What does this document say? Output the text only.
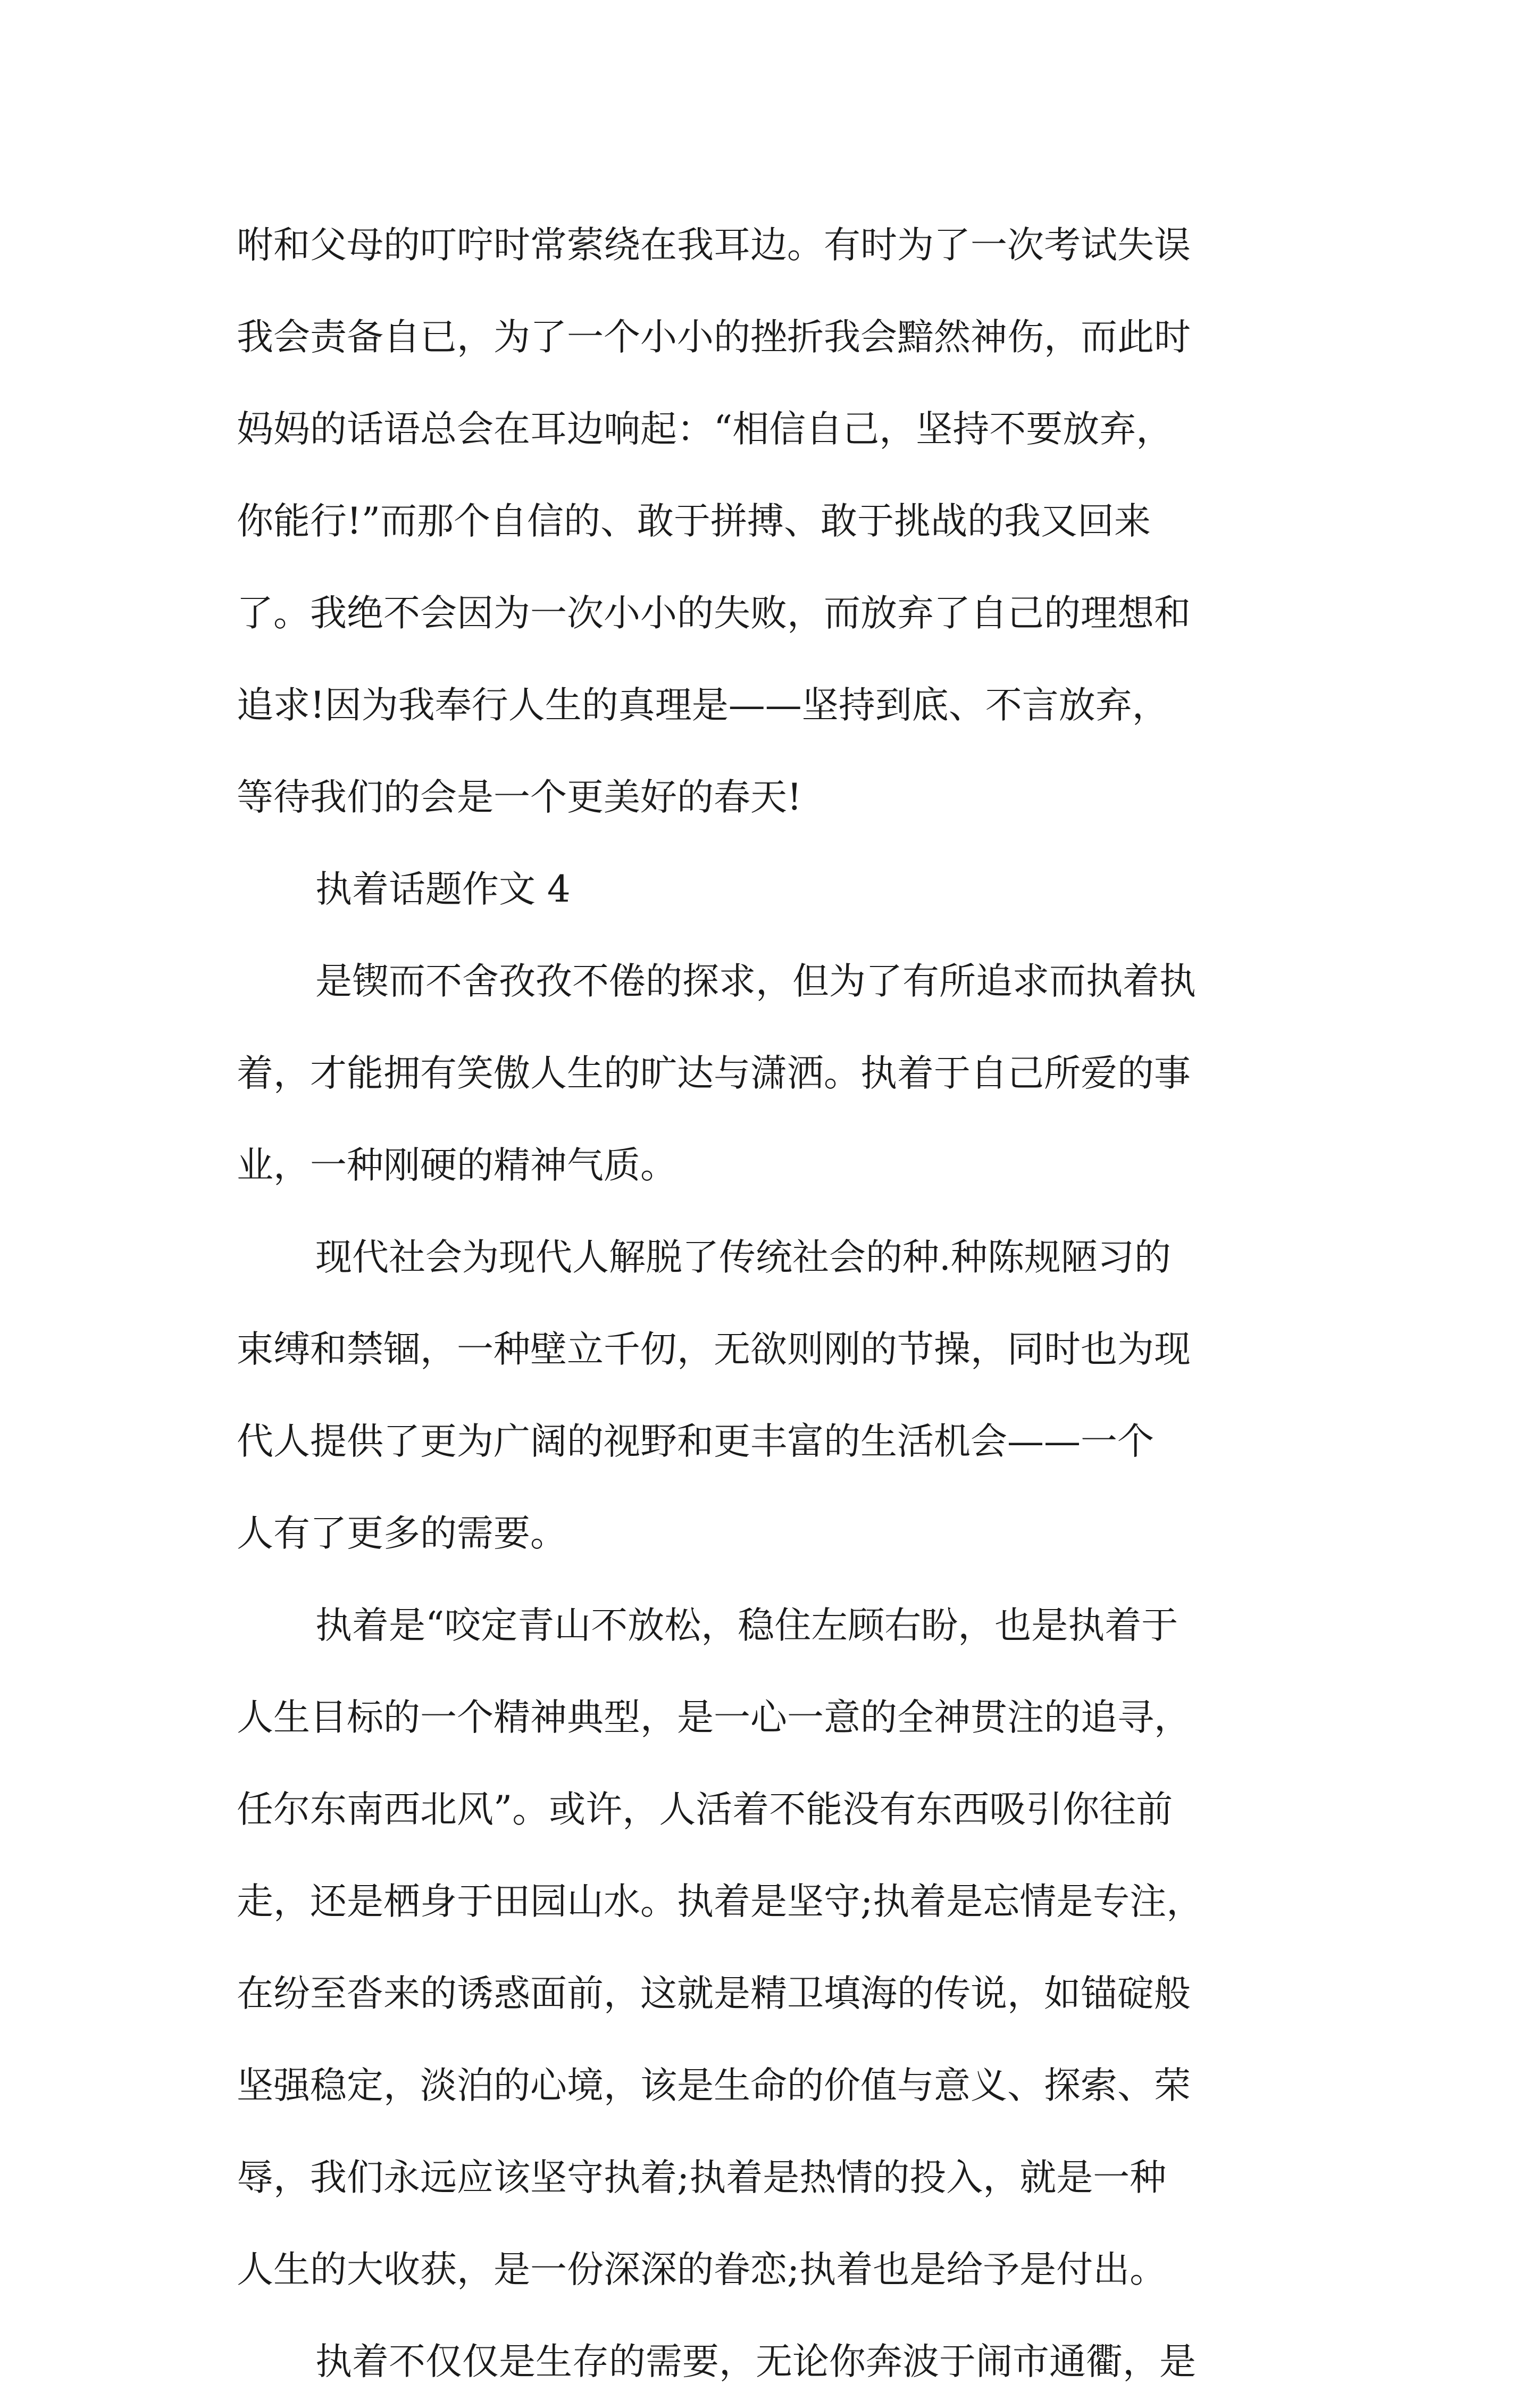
咐和父母的叮咛时常萦绕在我耳边。有时为了一次考试失误
我会责备自已，为了一个小小的挫折我会黯然神伤，而此时
妈妈的话语总会在耳边响起：“相信自己，坚持不要放弃，
你能行!”而那个自信的、敢于拼搏、敢于挑战的我又回来
了。我绝不会因为一次小小的失败，而放弃了自己的理想和
追求!因为我奉行人生的真理是——坚持到底、不言放弃，
等待我们的会是一个更美好的春天!
执着话题作文 4
是锲而不舍孜孜不倦的探求，但为了有所追求而执着执
着，才能拥有笑傲人生的旷达与潇洒。执着于自己所爱的事
业，一种刚硬的精神气质。
现代社会为现代人解脱了传统社会的种.种陈规陋习的
束缚和禁锢，一种壁立千仞，无欲则刚的节操，同时也为现
代人提供了更为广阔的视野和更丰富的生活机会——一个
人有了更多的需要。
执着是“咬定青山不放松，稳住左顾右盼，也是执着于
人生目标的一个精神典型，是一心一意的全神贯注的追寻，
任尔东南西北风”。或许，人活着不能没有东西吸引你往前
走，还是栖身于田园山水。执着是坚守;执着是忘情是专注，
在纷至沓来的诱惑面前，这就是精卫填海的传说，如锚碇般
坚强稳定，淡泊的心境，该是生命的价值与意义、探索、荣
辱，我们永远应该坚守执着;执着是热情的投入，就是一种
人生的大收获，是一份深深的眷恋;执着也是给予是付出。
执着不仅仅是生存的需要，无论你奔波于闹市通衢，是
